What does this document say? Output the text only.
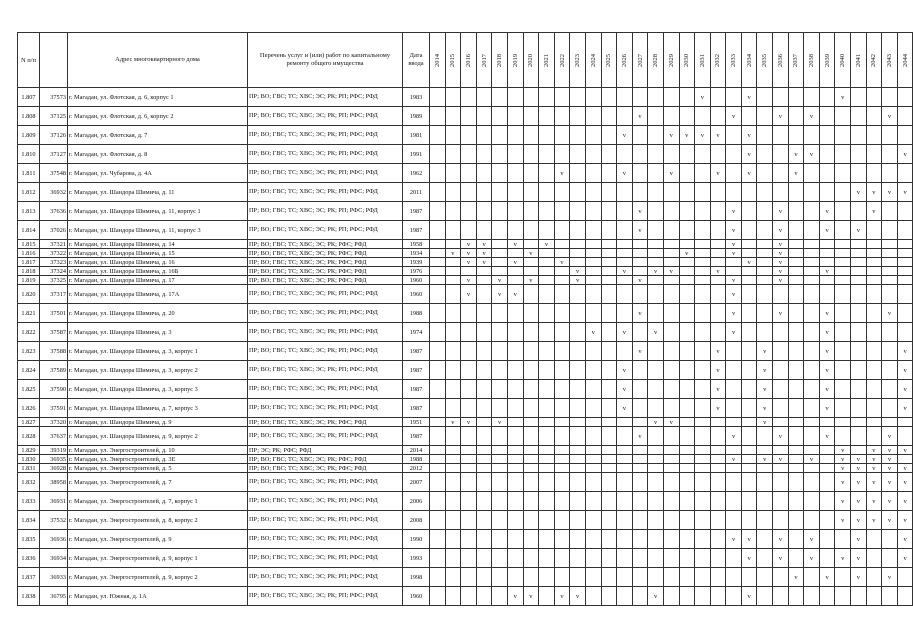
N п/п		Адрес многоквартирного дома	Перечень услуг и (или) работ по капитальному ремонту общего имущества	Дата ввода	2014	2015	2016	2017	2018	2019	2020	2021	2022	2023	2024	2025	2026	2027	2028	2029	2030	2031	2032	2033	2034	2035	2036	2037	2038	2039	2040	2041	2042	2043	2044
1.807	37573	г. Магадан, ул. Флотская, д. 6, корпус 1	ПР; ВО; ГВС; ТС; ХВС; ЭС; РК; РП; РФС; РФД	1983																		v			v						v				
1.808	37125	г. Магадан, ул. Флотская, д. 6, корпус 2	ПР; ВО; ГВС; ТС; ХВС; ЭС; РК; РП; РФС; РФД	1989														v						v			v		v					v	
1.809	37126	г. Магадан, ул. Флотская, д. 7	ПР; ВО; ГВС; ТС; ХВС; ЭС; РК; РП; РФС; РФД	1981													v			v	v	v	v		v										
1.810	37127	г. Магадан, ул. Флотская, д. 8	ПР; ВО; ГВС; ТС; ХВС; ЭС; РК; РП; РФС; РФД	1991																					v			v	v						v
1.811	37548	г. Магадан, ул. Чубарова, д. 4А	ПР; ВО; ГВС; ТС; ХВС; ЭС; РК; РП; РФС; РФД	1962									v				v			v			v		v			v							
1.812	36932	г. Магадан, ул. Шандора Шимича, д. 11	ПР; ВО; ГВС; ТС; ХВС; ЭС; РК; РП; РФС; РФД	2011																												v	v	v	v
1.813	37636	г. Магадан, ул. Шандора Шимича, д. 11, корпус 1	ПР; ВО; ГВС; ТС; ХВС; ЭС; РК; РП; РФС; РФД	1987														v						v			v			v			v		
1.814	37026	г. Магадан, ул. Шандора Шимича, д. 11, корпус 3	ПР; ВО; ГВС; ТС; ХВС; ЭС; РК; РП; РФС; РФД	1987														v						v			v			v		v			
1.815	37321	г. Магадан, ул. Шандора Шимича, д. 14	ПР; ВО; ГВС; ТС; ХВС; ЭС; РК; РФС; РФД	1958			v	v		v		v												v			v								
1.816	37322	г. Магадан, ул. Шандора Шимича, д. 15	ПР; ВО; ГВС; ТС; ХВС; ЭС; РК; РФС; РФД	1934		v	v	v			v										v			v			v								
1.817	37323	г. Магадан, ул. Шандора Шимича, д. 16	ПР; ВО; ГВС; ТС; ХВС; ЭС; РК; РФС; РФД	1939			v	v		v			v												v		v								
1.818	37324	г. Магадан, ул. Шандора Шимича, д. 16Б	ПР; ВО; ГВС; ТС; ХВС; ЭС; РК; РФС; РФД	1976										v			v		v	v			v				v			v					
1.819	37325	г. Магадан, ул. Шандора Шимича, д. 17	ПР; ВО; ГВС; ТС; ХВС; ЭС; РК; РФС; РФД	1960			v		v		v			v				v						v			v								
1.820	37317	г. Магадан, ул. Шандора Шимича, д. 17А	ПР; ВО; ГВС; ТС; ХВС; ЭС; РК; РП; РФС; РФД	1960			v		v	v														v											
1.821	37501	г. Магадан, ул. Шандора Шимича, д. 20	ПР; ВО; ГВС; ТС; ХВС; ЭС; РК; РП; РФС; РФД	1988														v						v			v			v				v	
1.822	37587	г. Магадан, ул. Шандора Шимича, д. 3	ПР; ВО; ГВС; ТС; ХВС; ЭС; РК; РП; РФС; РФД	1974											v		v		v					v						v					
1.823	37588	г. Магадан, ул. Шандора Шимича, д. 3, корпус 1	ПР; ВО; ГВС; ТС; ХВС; ЭС; РК; РП; РФС; РФД	1987														v					v			v				v					v
1.824	37589	г. Магадан, ул. Шандора Шимича, д. 3, корпус 2	ПР; ВО; ГВС; ТС; ХВС; ЭС; РК; РП; РФС; РФД	1987													v						v			v				v					v
1.825	37590	г. Магадан, ул. Шандора Шимича, д. 3, корпус 3	ПР; ВО; ГВС; ТС; ХВС; ЭС; РК; РП; РФС; РФД	1987													v						v			v				v					v
1.826	37591	г. Магадан, ул. Шандора Шимича, д. 7, корпус 3	ПР; ВО; ГВС; ТС; ХВС; ЭС; РК; РП; РФС; РФД	1987													v						v			v				v					v
1.827	37320	г. Магадан, ул. Шандора Шимича, д. 9	ПР; ВО; ГВС; ТС; ХВС; ЭС; РК; РФС; РФД	1951		v	v		v										v	v						v									
1.828	37637	г. Магадан, ул. Шандора Шимича, д. 9, корпус 2	ПР; ВО; ГВС; ТС; ХВС; ЭС; РК; РП; РФС; РФД	1987														v						v			v			v				v	
1.829	39319	г. Магадан, ул. Энергостроителей, д. 10	ПР; ЭС; РК; РФС; РФД	2014																											v		v	v	v
1.830	36935	г. Магадан, ул. Энергостроителей, д. 3Е	ПР; ВО; ГВС; ТС; ХВС; ЭС; РК; РФС; РФД	1988																				v		v	v		v		v	v	v	v	
1.831	36928	г. Магадан, ул. Энергостроителей, д. 5	ПР; ВО; ГВС; ТС; ХВС; ЭС; РК; РФС; РФД	2012																											v	v	v	v	v
1.832	38958	г. Магадан, ул. Энергостроителей, д. 7	ПР; ВО; ГВС; ТС; ХВС; ЭС; РК; РП; РФС; РФД	2007																											v	v	v	v	v
1.833	36931	г. Магадан, ул. Энергостроителей, д. 7, корпус 1	ПР; ВО; ГВС; ТС; ХВС; ЭС; РК; РП; РФС; РФД	2006																											v	v	v	v	v
1.834	37532	г. Магадан, ул. Энергостроителей, д. 8, корпус 2	ПР; ВО; ГВС; ТС; ХВС; ЭС; РК; РП; РФС; РФД	2008																											v	v	v	v	v
1.835	36936	г. Магадан, ул. Энергостроителей, д. 9	ПР; ВО; ГВС; ТС; ХВС; ЭС; РК; РП; РФС; РФД	1990																				v	v		v		v			v			v
1.836	36934	г. Магадан, ул. Энергостроителей, д. 9, корпус 1	ПР; ВО; ГВС; ТС; ХВС; ЭС; РК; РП; РФС; РФД	1993																					v		v		v		v	v			v
1.837	36933	г. Магадан, ул. Энергостроителей, д. 9, корпус 2	ПР; ВО; ГВС; ТС; ХВС; ЭС; РК; РП; РФС; РФД	1998																								v		v		v		v	
1.838	36795	г. Магадан, ул. Южная, д. 1А	ПР; ВО; ГВС; ТС; ХВС; ЭС; РК; РП; РФС; РФД	1960						v	v		v	v					v						v										
